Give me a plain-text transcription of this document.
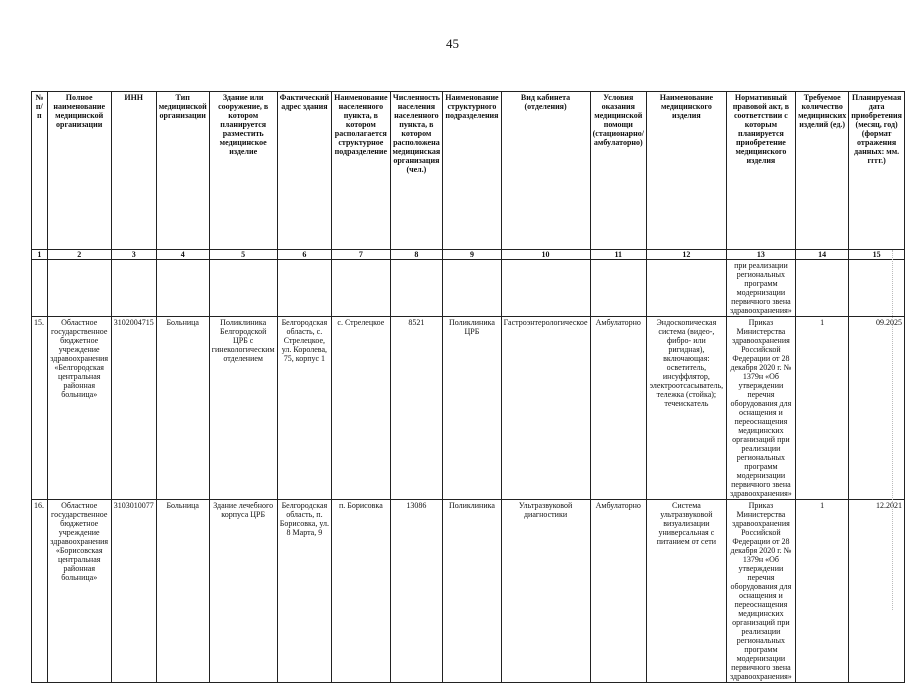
45
№ п/п	Полное наименование медицинской организации	ИНН	Тип медицинской организации	Здание или сооружение, в котором планируется разместить медицинское изделие	Фактический адрес здания	Наименование населенного пункта, в котором располагается структурное подразделение	Численность населения населенного пункта, в котором расположена медицинская организация (чел.)	Наименование структурного подразделения	Вид кабинета (отделения)	Условия оказания медицинской помощи (стационарно/амбулаторно)	Наименование медицинского изделия	Нормативный правовой акт, в соответствии с которым планируется приобретение медицинского изделия	Требуемое количество медицинских изделий (ед.)	Планируемая дата приобретения (месяц, год) (формат отражения данных: мм. гггг.)
1	2	3	4	5	6	7	8	9	10	11	12	13	14	15
												при реализации региональных программ модернизации первичного звена здравоохранения»		
15.	Областное государственное бюджетное учреждение здравоохранения «Белгородская центральная районная больница»	3102004715	Больница	Поликлиника Белгородской ЦРБ с гинекологическим отделением	Белгородская область, с. Стрелецкое, ул. Королева, 75, корпус 1	с. Стрелецкое	8521	Поликлиника ЦРБ	Гастроэнтерологическое	Амбулаторно	Эндоскопическая система (видео-, фибро- или ригидная), включающая: осветитель, инсуффлятор, электроотсасыватель, тележка (стойка); течеискатель	Приказ Министерства здравоохранения Российской Федерации от 28 декабря 2020 г. № 1379н «Об утверждении перечня оборудования для оснащения и переоснащения медицинских организаций при реализации региональных программ модернизации первичного звена здравоохранения»	1	09.2025
16.	Областное государственное бюджетное учреждение здравоохранения «Борисовская центральная районная больница»	3103010077	Больница	Здание лечебного корпуса ЦРБ	Белгородская область, п. Борисовка, ул. 8 Марта, 9	п. Борисовка	13086	Поликлиника	Ультразвуковой диагностики	Амбулаторно	Система ультразвуковой визуализации универсальная с питанием от сети	Приказ Министерства здравоохранения Российской Федерации от 28 декабря 2020 г. № 1379н «Об утверждении перечня оборудования для оснащения и переоснащения медицинских организаций при реализации региональных программ модернизации первичного звена здравоохранения»	1	12.2021
